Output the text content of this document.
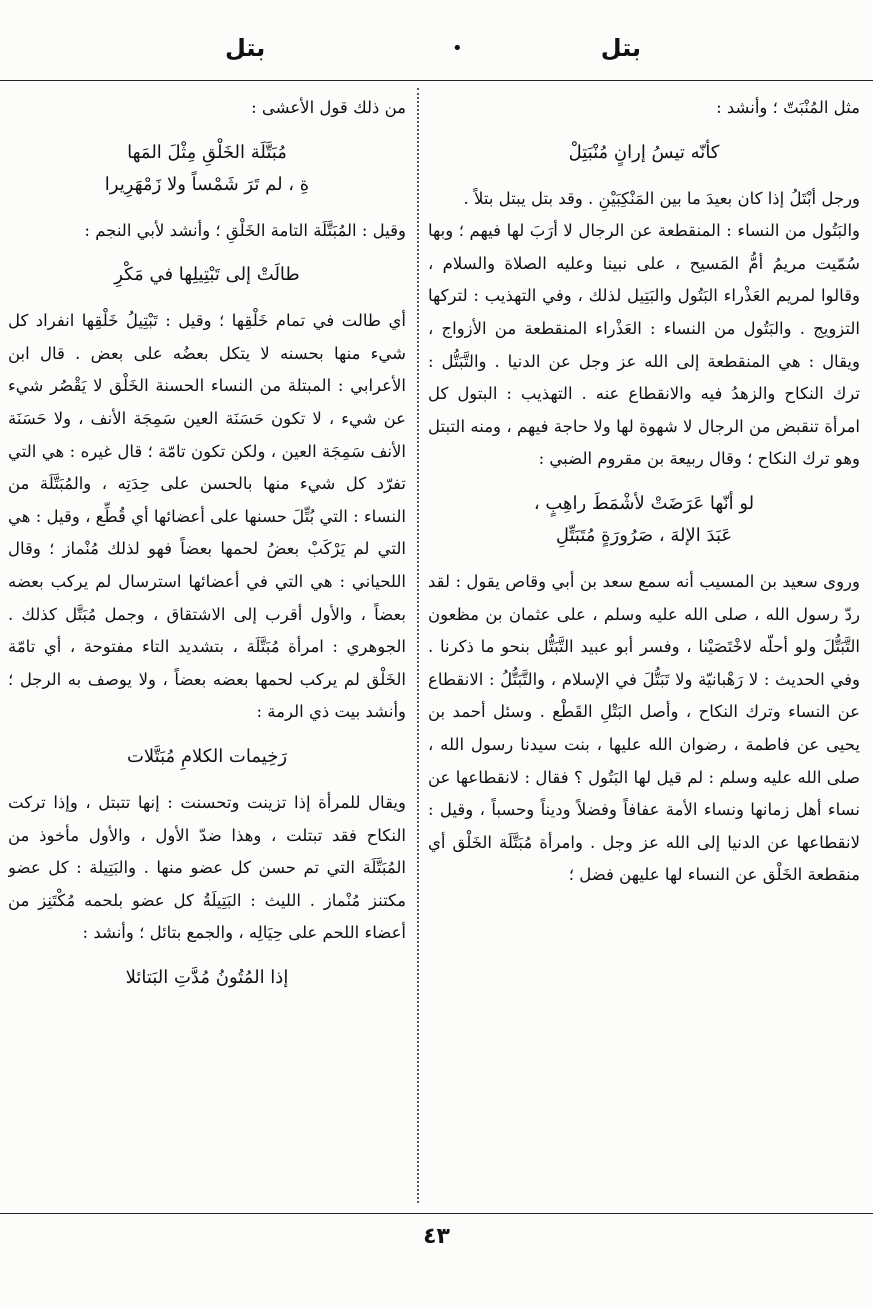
بتل
•
بتل

مثل المُنْبَتّ ؛ وأنشد :

كأنّه تيسُ إرانٍ مُنْبَتِلْ

ورجل أبْتَلُ إذا كان بعيدَ ما بين المَنْكِبَيْنِ . وقد بتل يبتل بتلاً .

والبَتُول من النساء : المنقطعة عن الرجال لا أرَبَ لها فيهم ؛ وبها سُمّيت مريمُ أمُّ المَسيح ، على نبينا وعليه الصلاة والسلام ، وقالوا لمريم العَذْراء البَتُول والبَتِيل لذلك ، وفي التهذيب : لتركها التزويج . والبَتُول من النساء : العَذْراء المنقطعة من الأزواج ، ويقال : هي المنقطعة إلى الله عز وجل عن الدنيا . والتَّبَتُّل : ترك النكاح والزهدُ فيه والانقطاع عنه . التهذيب : البتول كل امرأة تنقبض من الرجال لا شهوة لها ولا حاجة فيهم ، ومنه التبتل وهو ترك النكاح ؛ وقال ربيعة بن مقروم الضبي :

لو أنّها عَرَضَتْ لأشْمَطَ راهِبٍ ،
عَبَدَ الإلهَ ، صَرُورَةٍ مُتَبَتِّلِ

وروى سعيد بن المسيب أنه سمع سعد بن أبي وقاص يقول : لقد ردّ رسول الله ، صلى الله عليه وسلم ، على عثمان بن مظعون التَّبَتُّلَ ولو أحلّه لاخْتَصَيْنا ، وفسر أبو عبيد التَّبَتُّل بنحو ما ذكرنا . وفي الحديث : لا رَهْبانيّة ولا تَبَتُّلَ في الإسلام ، والتَّبَتُّلُ : الانقطاع عن النساء وترك النكاح ، وأصل البَتْلِ القَطْع . وسئل أحمد بن يحيى عن فاطمة ، رضوان الله عليها ، بنت سيدنا رسول الله ، صلى الله عليه وسلم : لم قيل لها البَتُول ؟ فقال : لانقطاعها عن نساء أهل زمانها ونساء الأمة عفافاً وفضلاً وديناً وحسباً ، وقيل : لانقطاعها عن الدنيا إلى الله عز وجل . وامرأة مُبَتَّلَة الخَلْق أي منقطعة الخَلْق عن النساء لها عليهن فضل ؛

من ذلك قول الأعشى :

مُبَتَّلَة الخَلْقِ مِثْلَ المَها
ةِ ، لم تَرَ شَمْساً ولا زَمْهَرِيرا

وقيل : المُبَتَّلَة التامة الخَلْقِ ؛ وأنشد لأبي النجم :

طالَتْ إلى تَبْتِيلِها في مَكْرِ

أي طالت في تمام خَلْقِها ؛ وقيل : تَبْتِيلُ خَلْقِها انفراد كل شيء منها بحسنه لا يتكل بعضُه على بعض . قال ابن الأعرابي : المبتلة من النساء الحسنة الخَلْق لا يَقْصُر شيء عن شيء ، لا تكون حَسَنَة العين سَمِجَة الأنف ، ولا حَسَنَة الأنف سَمِجَة العين ، ولكن تكون تامّة ؛ قال غيره : هي التي تفرّد كل شيء منها بالحسن على حِدَتِه ، والمُبَتَّلَة من النساء : التي بُتِّلَ حسنها على أعضائها أي قُطِّع ، وقيل : هي التي لم يَرْكَبْ بعضُ لحمها بعضاً فهو لذلك مُنْماز ؛ وقال اللحياني : هي التي في أعضائها استرسال لم يركب بعضه بعضاً ، والأول أقرب إلى الاشتقاق ، وجمل مُبَتَّل كذلك . الجوهري : امرأة مُبَتَّلَة ، بتشديد التاء مفتوحة ، أي تامّة الخَلْق لم يركب لحمها بعضه بعضاً ، ولا يوصف به الرجل ؛ وأنشد بيت ذي الرمة :

رَخِيمات الكلامِ مُبَتَّلات

ويقال للمرأة إذا تزينت وتحسنت : إنها تتبتل ، وإذا تركت النكاح فقد تبتلت ، وهذا ضدّ الأول ، والأول مأخوذ من المُبَتَّلَة التي تم حسن كل عضو منها . والبَتِيلة : كل عضو مكتنز مُنْماز . الليث : البَتِيلَةُ كل عضو بلحمه مُكْتَنِز من أعضاء اللحم على حِيَالِه ، والجمع بتائل ؛ وأنشد :

إذا المُتُونُ مُدَّتِ البَتائلا
٤٣
